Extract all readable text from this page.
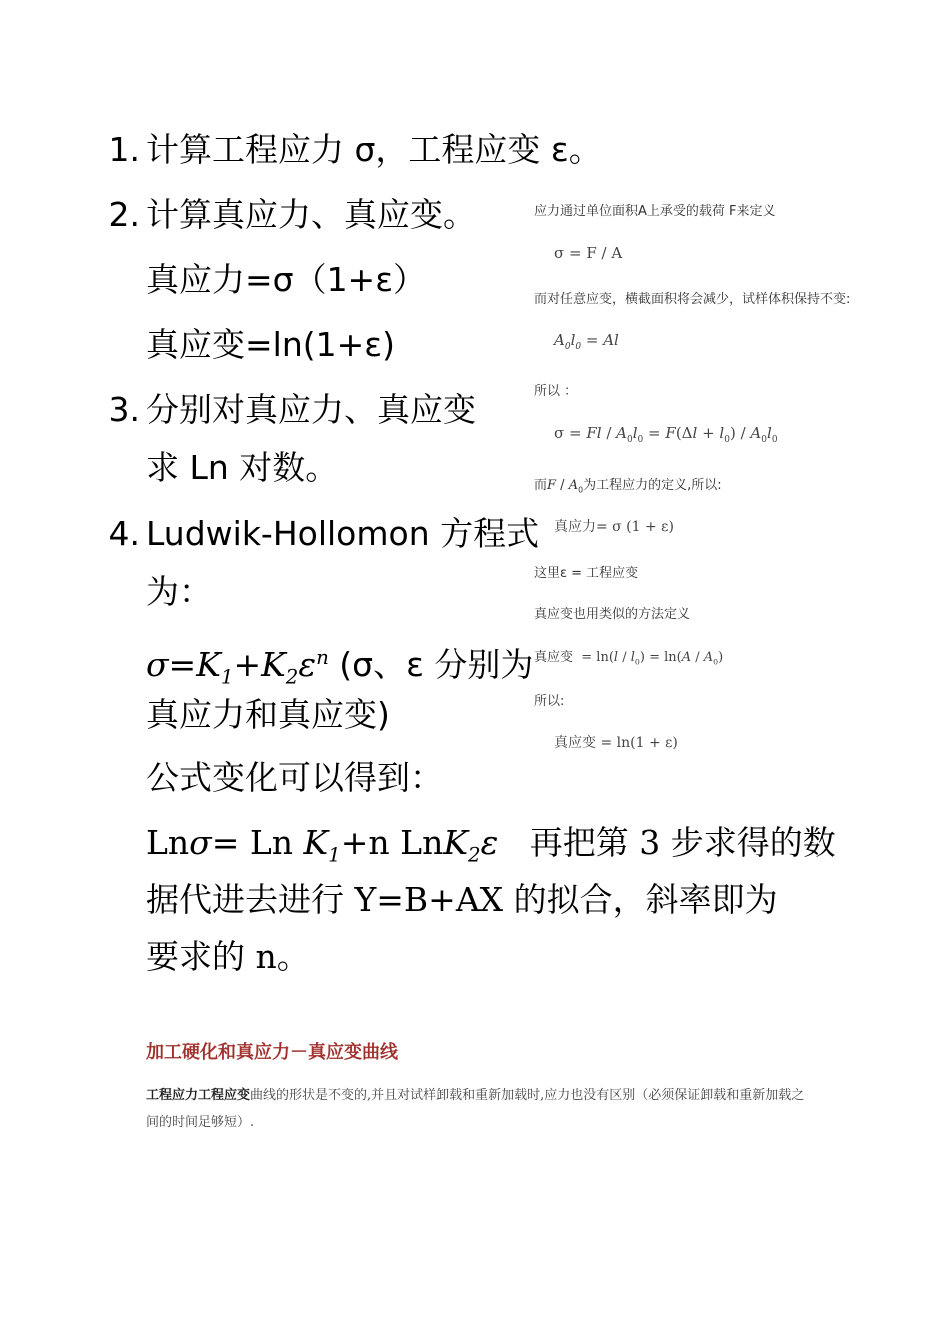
1. 计算工程应力 σ，工程应变 ε。
2. 计算真应力、真应变。
真应力=σ（1+ε）
真应变=ln(1+ε)
3. 分别对真应力、真应变
求 Ln 对数。
4. Ludwik-Hollomon 方程式
为：
$\sigma=K_1+K_2\varepsilon^n$ (σ、ε 分别为
真应力和真应变)
公式变化可以得到：
Lnσ= Ln $K_1+n$ LnK$_2$ε 再把第 3 步求得的数
据代进去进行 Y=B+AX 的拟合，斜率即为
要求的 n。
应力通过单位面积A上承受的载荷 F来定义
σ = F / A
而对任意应变，横截面积将会减少，试样体积保持不变:
$A_0l_0 = Al$
所以 ：
$\sigma = Fl / A_0l_0 = F(\Delta l + l_0) / A_0l_0$
而F / $A_0$为工程应力的定义,所以:
真应力= σ (1 + ε)
这里ε = 工程应变
真应变也用类似的方法定义
真应变  = $\ln(l / l_0) = \ln(A / A_0)$
所以:
真应变 = ln(1 + ε)
加工硬化和真应力－真应变曲线
工程应力工程应变曲线的形状是不变的,并且对试样卸载和重新加载时,应力也没有区别（必须保证卸载和重新加载之间的时间足够短）.
